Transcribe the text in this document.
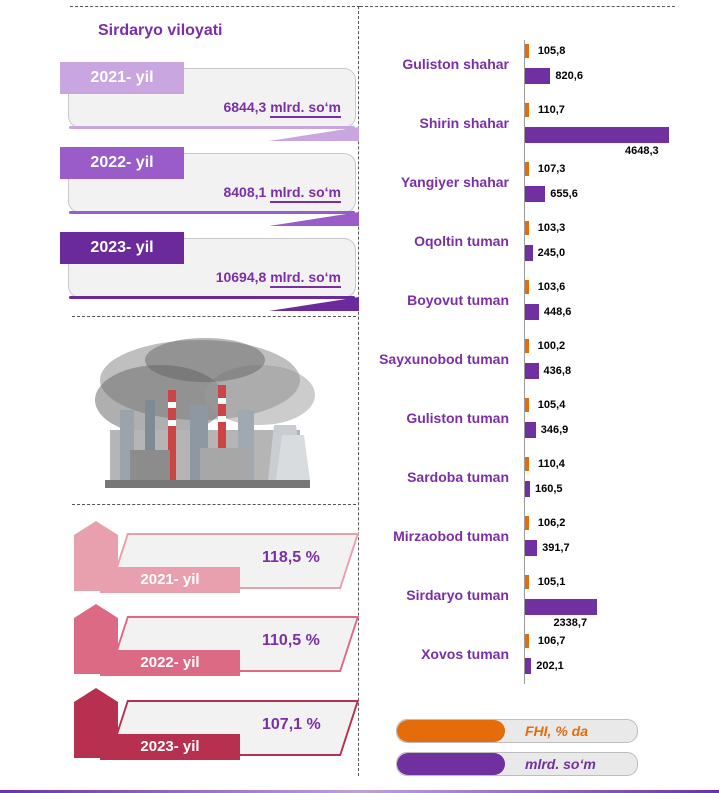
Sirdaryo viloyati
6844,3 mlrd. so‘m
2021- yil
8408,1 mlrd. so‘m
2022- yil
10694,8 mlrd. so‘m
2023- yil
118,5 %
2021- yil
110,5 %
2022- yil
107,1 %
2023- yil
Guliston shahar
105,8
820,6
Shirin shahar
110,7
4648,3
Yangiyer shahar
107,3
655,6
Oqoltin tuman
103,3
245,0
Boyovut tuman
103,6
448,6
Sayxunobod tuman
100,2
436,8
Guliston tuman
105,4
346,9
Sardoba tuman
110,4
160,5
Mirzaobod tuman
106,2
391,7
Sirdaryo tuman
105,1
2338,7
Xovos tuman
106,7
202,1
FHI, % da
mlrd. so‘m
